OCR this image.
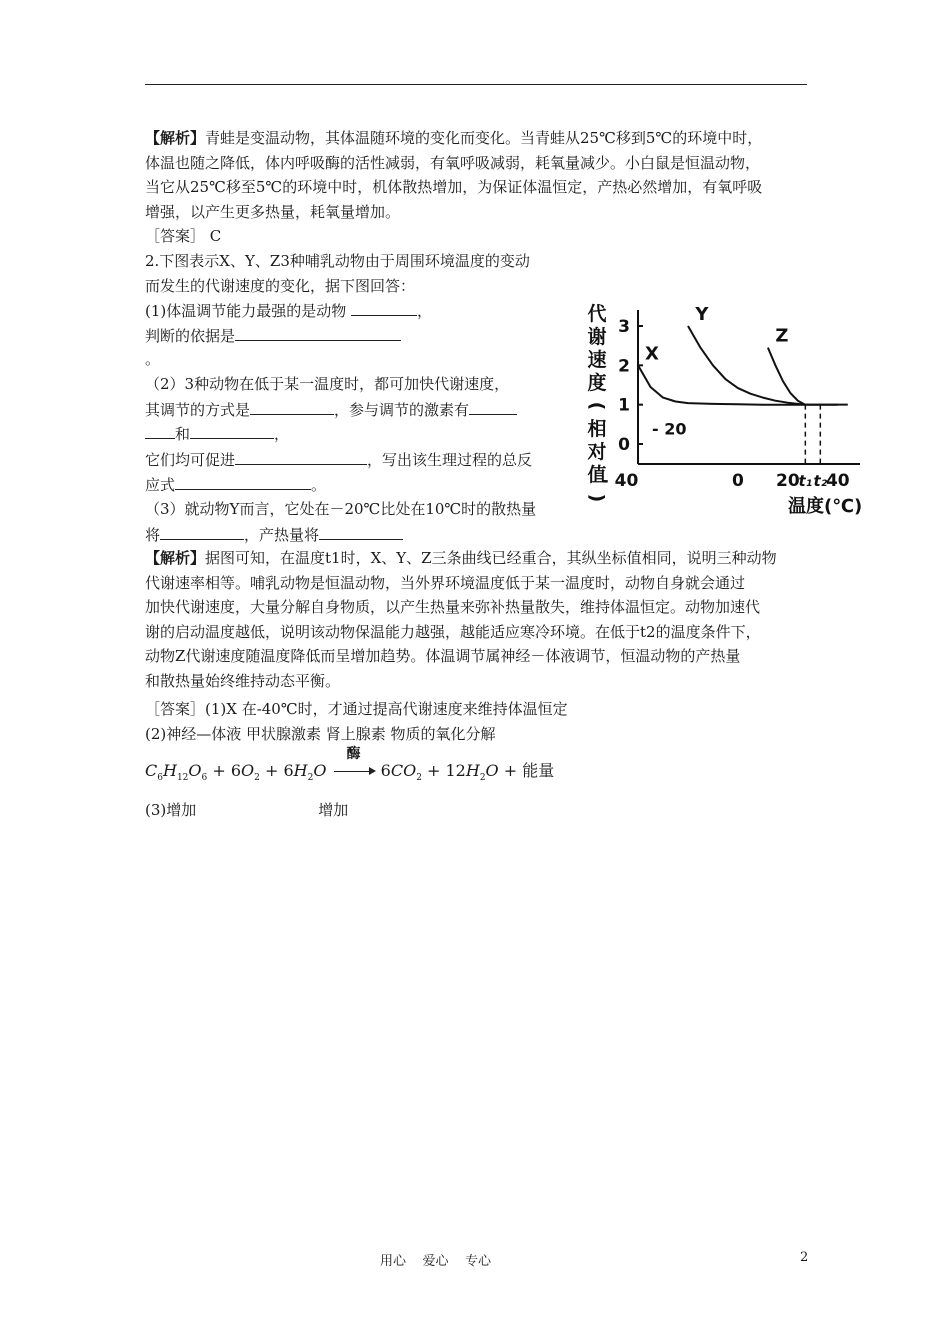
【解析】青蛙是变温动物，其体温随环境的变化而变化。当青蛙从25℃移到5℃的环境中时，

体温也随之降低，体内呼吸酶的活性减弱，有氧呼吸减弱，耗氧量减少。小白鼠是恒温动物，

当它从25℃移至5℃的环境中时，机体散热增加，为保证体温恒定，产热必然增加，有氧呼吸

增强，以产生更多热量，耗氧量增加。

［答案］ C

2.下图表示X、Y、Z3种哺乳动物由于周围环境温度的变动

而发生的代谢速度的变化，据下图回答：

(1)体温调节能力最强的是动物	，

判断的依据是

。

（2）3种动物在低于某一温度时，都可加快代谢速度，

其调节的方式是	，参与调节的激素有

和	，

它们均可促进	，写出该生理过程的总反

应式	。

（3）就动物Y而言，它处在－20℃比处在10℃时的散热量

将	，产热量将

【解析】据图可知，在温度t1时，X、Y、Z三条曲线已经重合，其纵坐标值相同，说明三种动物

代谢速率相等。哺乳动物是恒温动物，当外界环境温度低于某一温度时，动物自身就会通过

加快代谢速度，大量分解自身物质，以产生热量来弥补热量散失，维持体温恒定。动物加速代

谢的启动温度越低，说明该动物保温能力越强，越能适应寒冷环境。在低于t2的温度条件下，

动物Z代谢速度随温度降低而呈增加趋势。体温调节属神经－体液调节，恒温动物的产热量

和散热量始终维持动态平衡。

［答案］(1)X 在-40℃时，才通过提高代谢速度来维持体温恒定

(2)神经—体液 甲状腺激素 肾上腺素 物质的氧化分解

$C_6H_{12}O_6 + 6O_2 + 6H_2O$
酶
$6CO_2 + 12H_2O$ + 能量

(3)增加	增加

代
谢
速
度
(
相
对
值
)
0
1
2
3
- 40	0 20 40
t₁ t₂
X
Y
Z
- 20
温度(℃)
用心    爱心    专心	2
